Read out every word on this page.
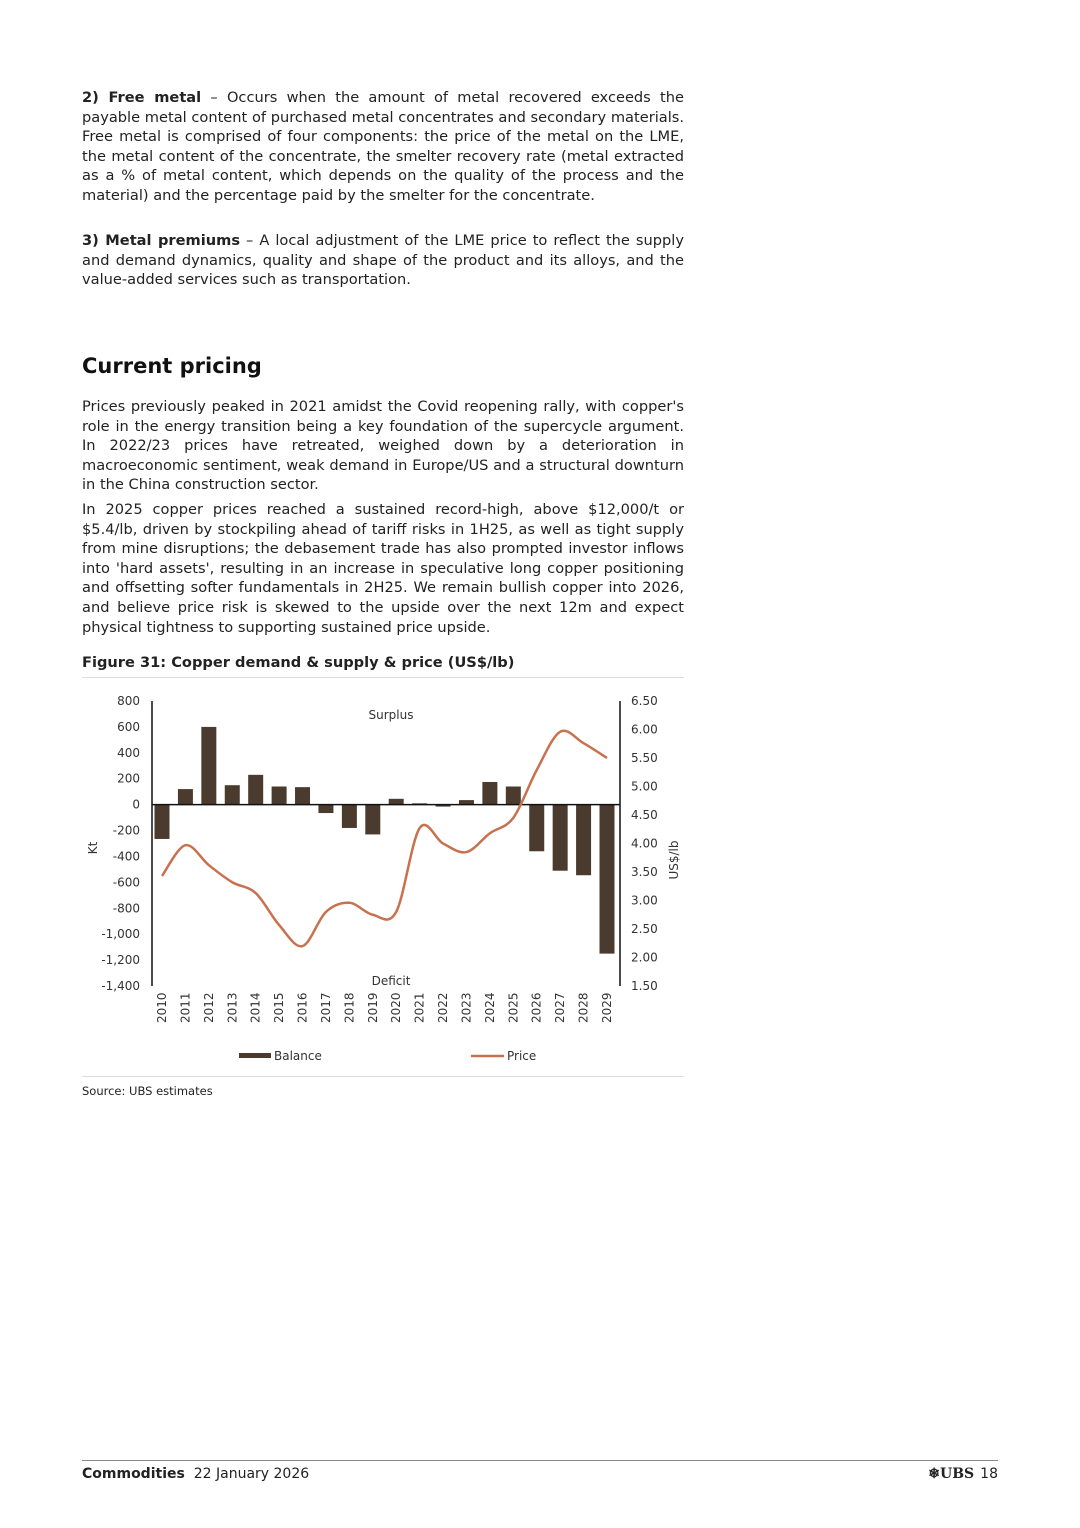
2) Free metal – Occurs when the amount of metal recovered exceeds the payable metal content of purchased metal concentrates and secondary materials. Free metal is comprised of four components: the price of the metal on the LME, the metal content of the concentrate, the smelter recovery rate (metal extracted as a % of metal content, which depends on the quality of the process and the material) and the percentage paid by the smelter for the concentrate.

3) Metal premiums – A local adjustment of the LME price to reflect the supply and demand dynamics, quality and shape of the product and its alloys, and the value-added services such as transportation.

Current pricing

Prices previously peaked in 2021 amidst the Covid reopening rally, with copper's role in the energy transition being a key foundation of the supercycle argument. In 2022/23 prices have retreated, weighed down by a deterioration in macroeconomic sentiment, weak demand in Europe/US and a structural downturn in the China construction sector.

In 2025 copper prices reached a sustained record-high, above $12,000/t or $5.4/lb, driven by stockpiling ahead of tariff risks in 1H25, as well as tight supply from mine disruptions; the debasement trade has also prompted investor inflows into 'hard assets', resulting in an increase in speculative long copper positioning and offsetting softer fundamentals in 2H25. We remain bullish copper into 2026, and believe price risk is skewed to the upside over the next 12m and expect physical tightness to supporting sustained price upside.

Figure 31: Copper demand & supply & price (US$/lb)

800
600
400
200
0
-200
-400
-600
-800
-1,000
-1,200
-1,400
6.50
6.00
5.50
5.00
4.50
4.00
3.50
3.00
2.50
2.00
1.50
Kt	US$/lb
2010 2011 2012 2013 2014 2015 2016 2017 2018 2019 2020 2021 2022 2023 2024 2025 2026 2027 2028 2029
Surplus
Deficit
Balance	Price
Source: UBS estimates
Commodities 22 January 2026	❄UBS 18
